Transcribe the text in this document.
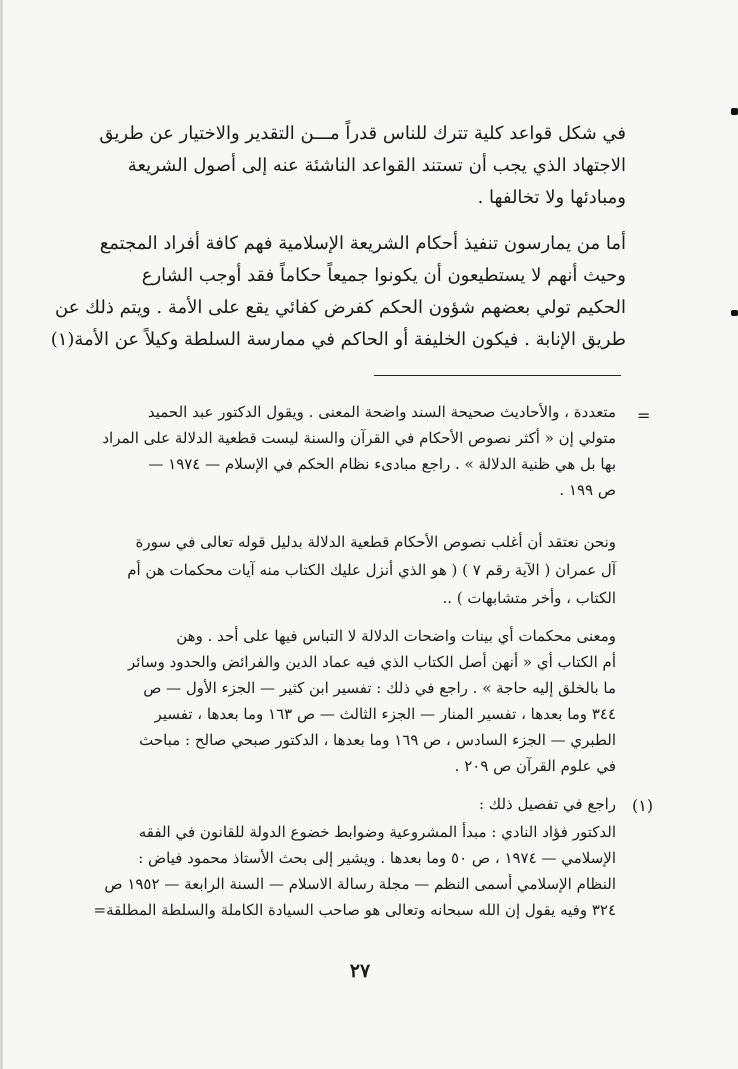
في شكل قواعد كلية تترك للناس قدراً مـــن التقدير والاختيار عن طريق
الاجتهاد الذي يجب أن تستند القواعد الناشئة عنه إلى أصول الشريعة
ومبادئها ولا تخالفها .
أما من يمارسون تنفيذ أحكام الشريعة الإسلامية فهم كافة أفراد المجتمع
وحيث أنهم لا يستطيعون أن يكونوا جميعاً حكاماً فقد أوجب الشارع
الحكيم تولي بعضهم شؤون الحكم كفرض كفائي يقع على الأمة . ويتم ذلك عن
طريق الإنابة . فيكون الخليفة أو الحاكم في ممارسة السلطة وكيلاً عن الأمة(١)
=
متعددة ، والأحاديث صحيحة السند واضحة المعنى . ويقول الدكتور عبد الحميد
متولي إن « أكثر نصوص الأحكام في القرآن والسنة ليست قطعية الدلالة على المراد
بها بل هي ظنية الدلالة » . راجع مبادىء نظام الحكم في الإسلام — ١٩٧٤ —
ص ١٩٩ .
ونحن نعتقد أن أغلب نصوص الأحكام قطعية الدلالة بدليل قوله تعالى في سورة
آل عمران ( الآية رقم ٧ ) ( هو الذي أنزل عليك الكتاب منه آيات محكمات هن أم
الكتاب ، وأخر متشابهات ) ..
ومعنى محكمات أي بينات واضحات الدلالة لا التباس فيها على أحد . وهن
أم الكتاب أي « أنهن أصل الكتاب الذي فيه عماد الدين والفرائض والحدود وسائر
ما بالخلق إليه حاجة » . راجع في ذلك : تفسير ابن كثير — الجزء الأول — ص
٣٤٤ وما بعدها ، تفسير المنار — الجزء الثالث — ص ١٦٣ وما بعدها ، تفسير
الطبري — الجزء السادس ، ص ١٦٩ وما بعدها ، الدكتور صبحي صالح : مباحث
في علوم القرآن ص ٢٠٩ .
(١)
راجع في تفصيل ذلك :
الدكتور فؤاد النادي : مبدأ المشروعية وضوابط خضوع الدولة للقانون في الفقه
الإسلامي — ١٩٧٤ ، ص ٥٠ وما بعدها . ويشير إلى بحث الأستاذ محمود فياض :
النظام الإسلامي أسمى النظم — مجلة رسالة الاسلام — السنة الرابعة — ١٩٥٢ ص
٣٢٤ وفيه يقول إن الله سبحانه وتعالى هو صاحب السيادة الكاملة والسلطة المطلقة=
٢٧
